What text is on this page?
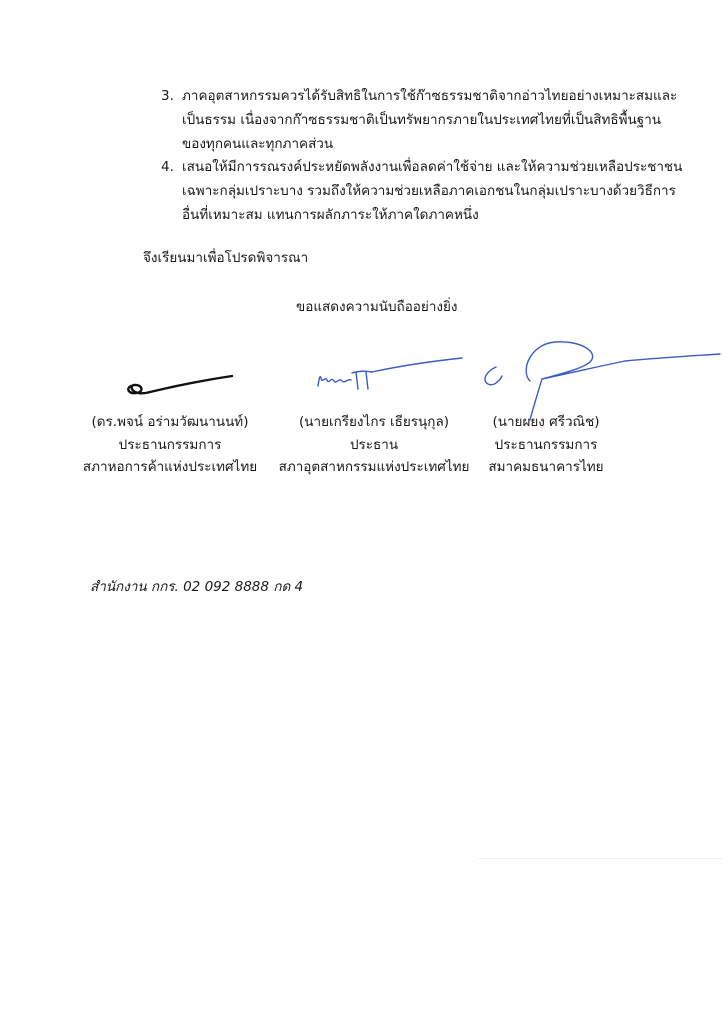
3. ภาคอุตสาหกรรมควรได้รับสิทธิในการใช้ก๊าซธรรมชาติจากอ่าวไทยอย่างเหมาะสมและ
เป็นธรรม เนื่องจากก๊าซธรรมชาติเป็นทรัพยากรภายในประเทศไทยที่เป็นสิทธิพื้นฐาน
ของทุกคนและทุกภาคส่วน
4. เสนอให้มีการรณรงค์ประหยัดพลังงานเพื่อลดค่าใช้จ่าย และให้ความช่วยเหลือประชาชน
เฉพาะกลุ่มเปราะบาง รวมถึงให้ความช่วยเหลือภาคเอกชนในกลุ่มเปราะบางด้วยวิธีการ
อื่นที่เหมาะสม แทนการผลักภาระให้ภาคใดภาคหนึ่ง
จึงเรียนมาเพื่อโปรดพิจารณา
ขอแสดงความนับถืออย่างยิ่ง
(ดร.พจน์ อร่ามวัฒนานนท์)
ประธานกรรมการ
สภาหอการค้าแห่งประเทศไทย
(นายเกรียงไกร เธียรนุกุล)
ประธาน
สภาอุตสาหกรรมแห่งประเทศไทย
(นายผยง ศรีวณิช)
ประธานกรรมการ
สมาคมธนาคารไทย
สำนักงาน กกร. 02 092 8888 กด 4
